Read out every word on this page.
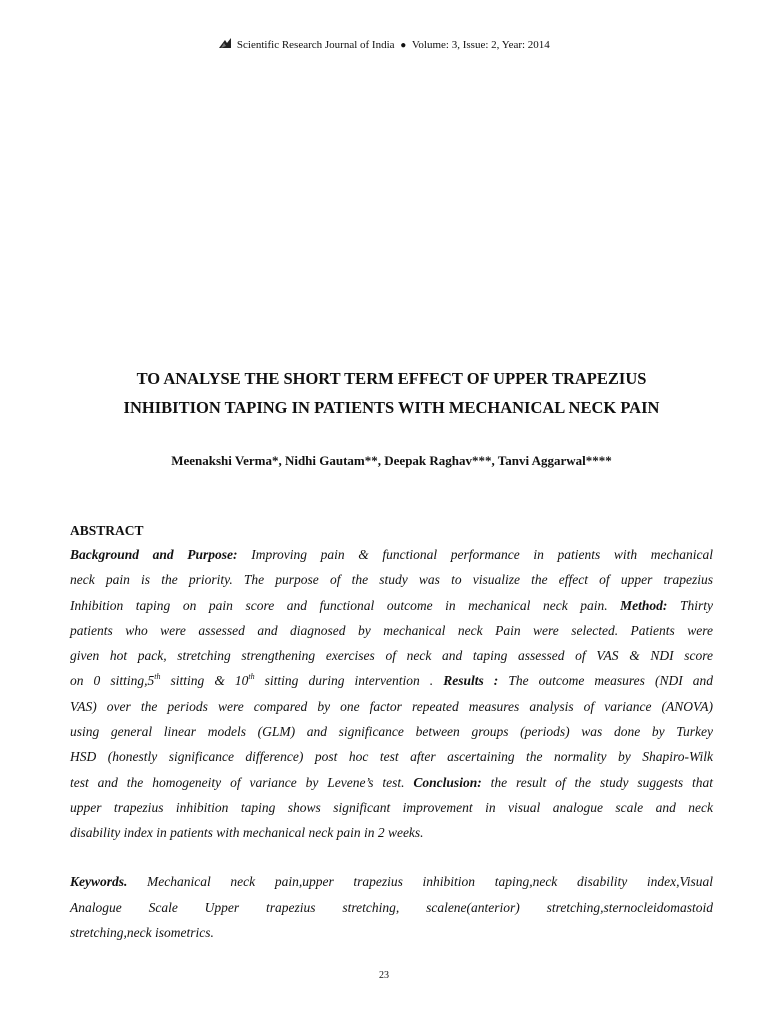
Scientific Research Journal of India ● Volume: 3, Issue: 2, Year: 2014
TO ANALYSE THE SHORT TERM EFFECT OF UPPER TRAPEZIUS
INHIBITION TAPING IN PATIENTS WITH MECHANICAL NECK PAIN
Meenakshi Verma*, Nidhi Gautam**, Deepak Raghav***, Tanvi Aggarwal****
ABSTRACT
Background and Purpose: Improving pain & functional performance in patients with mechanical
neck pain is the priority. The purpose of the study was to visualize the effect of upper trapezius
Inhibition taping on pain score and functional outcome in mechanical neck pain. Method: Thirty
patients who were assessed and diagnosed by mechanical neck Pain were selected. Patients were
given hot pack, stretching strengthening exercises of neck and taping assessed of VAS & NDI score
on 0 sitting,5th sitting & 10th sitting during intervention . Results : The outcome measures (NDI and
VAS) over the periods were compared by one factor repeated measures analysis of variance (ANOVA)
using general linear models (GLM) and significance between groups (periods) was done by Turkey
HSD (honestly significance difference) post hoc test after ascertaining the normality by Shapiro-Wilk
test and the homogeneity of variance by Levene’s test. Conclusion: the result of the study suggests that
upper trapezius inhibition taping shows significant improvement in visual analogue scale and neck
disability index in patients with mechanical neck pain in 2 weeks.
Keywords. Mechanical neck pain,upper trapezius inhibition taping,neck disability index,Visual
Analogue Scale Upper trapezius stretching, scalene(anterior) stretching,sternocleidomastoid
stretching,neck isometrics.
23
